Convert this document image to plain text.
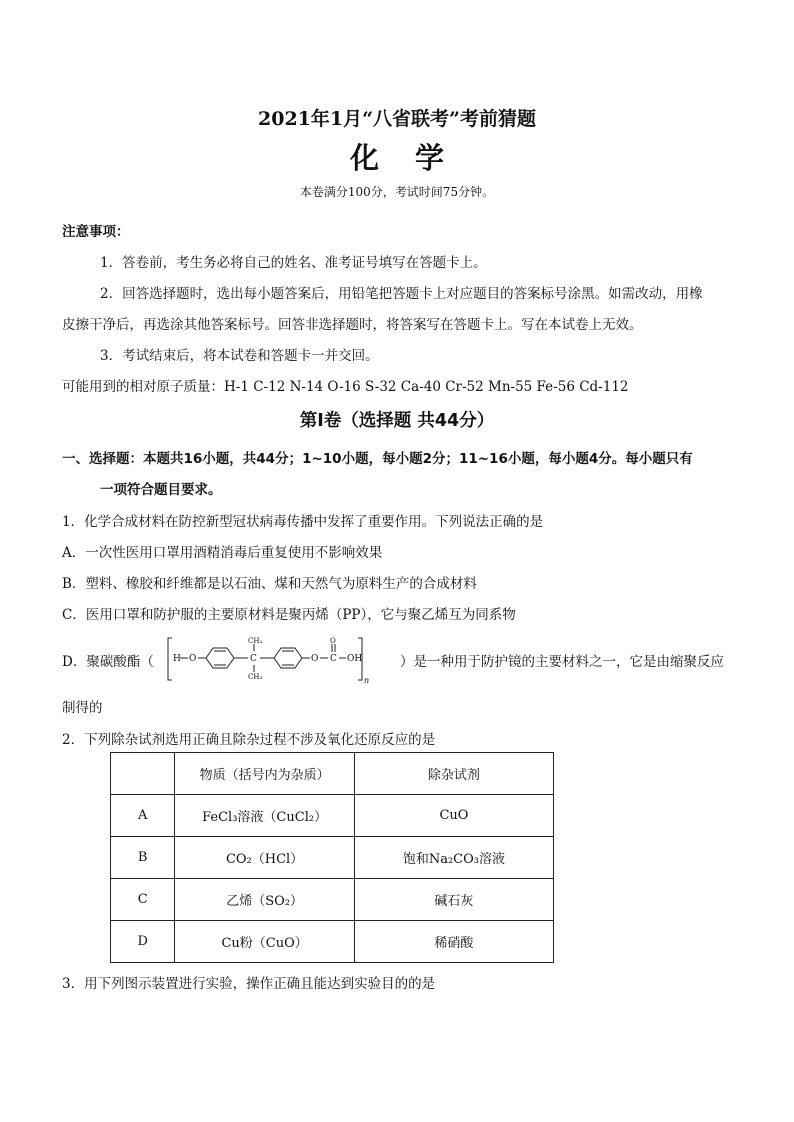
2021年1月“八省联考”考前猜题
化学
本卷满分100分，考试时间75分钟。
注意事项：
1．答卷前，考生务必将自己的姓名、准考证号填写在答题卡上。
2．回答选择题时，选出每小题答案后，用铅笔把答题卡上对应题目的答案标号涂黑。如需改动，用橡
皮擦干净后，再选涂其他答案标号。回答非选择题时，将答案写在答题卡上。写在本试卷上无效。
3．考试结束后，将本试卷和答题卡一并交回。
可能用到的相对原子质量：H-1 C-12 N-14 O-16 S-32 Ca-40 Cr-52 Mn-55 Fe-56 Cd-112
第Ⅰ卷（选择题 共44分）
一、选择题：本题共16小题，共44分；1~10小题，每小题2分；11~16小题，每小题4分。每小题只有
一项符合题目要求。
1．化学合成材料在防控新型冠状病毒传播中发挥了重要作用。下列说法正确的是
A．一次性医用口罩用酒精消毒后重复使用不影响效果
B．塑料、橡胶和纤维都是以石油、煤和天然气为原料生产的合成材料
C．医用口罩和防护服的主要原材料是聚丙烯（PP），它与聚乙烯互为同系物
D．聚碳酸酯（ H O	C
CH₃
CH₃
O C
O
OH
n
）是一种用于防护镜的主要材料之一，它是由缩聚反应
制得的
2．下列除杂试剂选用正确且除杂过程不涉及氧化还原反应的是
	物质（括号内为杂质）	除杂试剂
A	FeCl₃溶液（CuCl₂）	CuO
B	CO₂（HCl）	饱和Na₂CO₃溶液
C	乙烯（SO₂）	碱石灰
D	Cu粉（CuO）	稀硝酸
3．用下列图示装置进行实验，操作正确且能达到实验目的的是
